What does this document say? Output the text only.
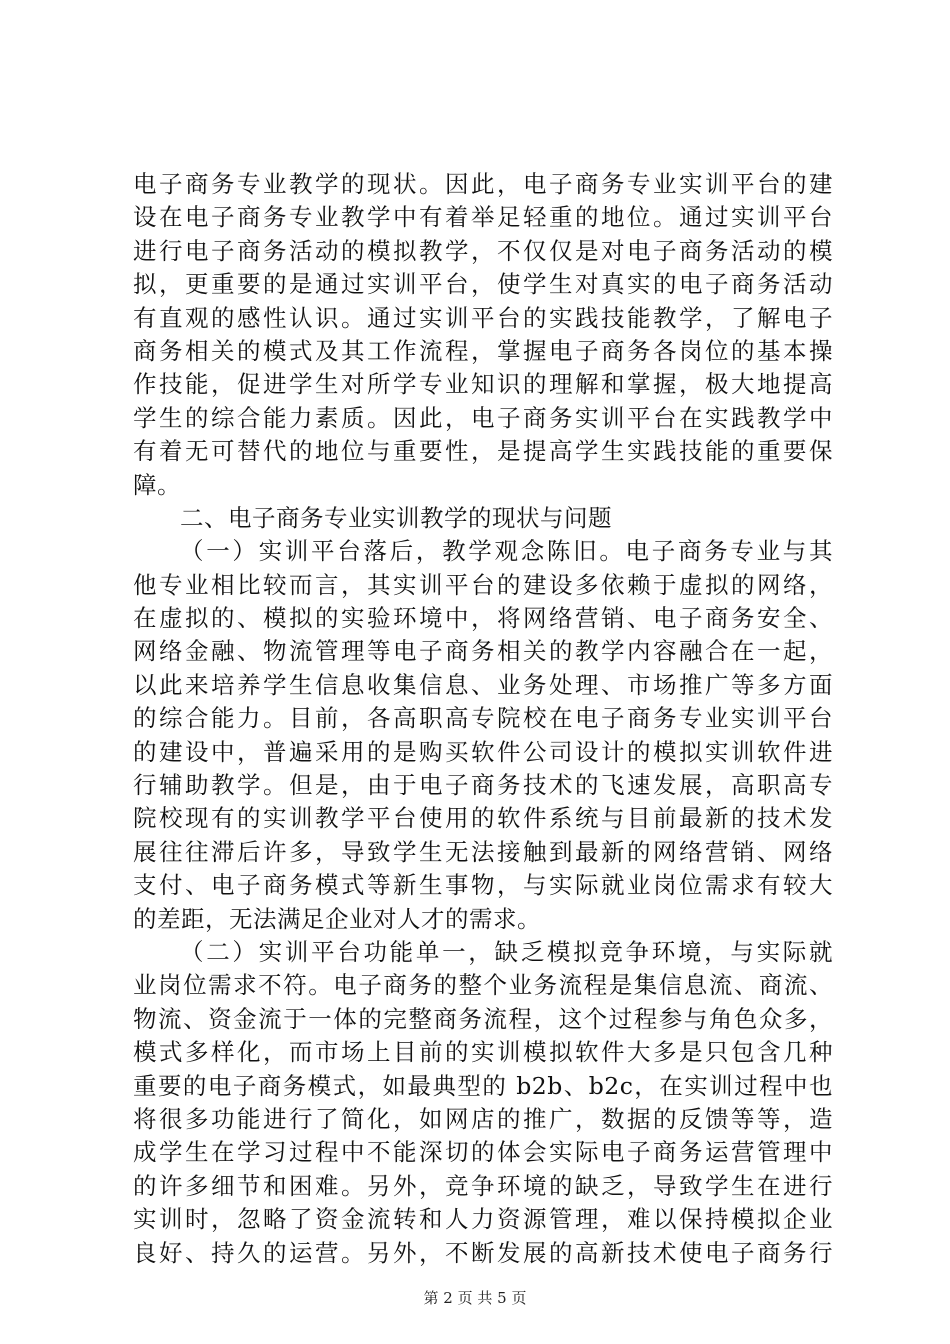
电子商务专业教学的现状。因此，电子商务专业实训平台的建
设在电子商务专业教学中有着举足轻重的地位。通过实训平台
进行电子商务活动的模拟教学，不仅仅是对电子商务活动的模
拟，更重要的是通过实训平台，使学生对真实的电子商务活动
有直观的感性认识。通过实训平台的实践技能教学，了解电子
商务相关的模式及其工作流程，掌握电子商务各岗位的基本操
作技能，促进学生对所学专业知识的理解和掌握，极大地提高
学生的综合能力素质。因此，电子商务实训平台在实践教学中
有着无可替代的地位与重要性，是提高学生实践技能的重要保
障。
二、电子商务专业实训教学的现状与问题
（一）实训平台落后，教学观念陈旧。电子商务专业与其
他专业相比较而言，其实训平台的建设多依赖于虚拟的网络，
在虚拟的、模拟的实验环境中，将网络营销、电子商务安全、
网络金融、物流管理等电子商务相关的教学内容融合在一起，
以此来培养学生信息收集信息、业务处理、市场推广等多方面
的综合能力。目前，各高职高专院校在电子商务专业实训平台
的建设中，普遍采用的是购买软件公司设计的模拟实训软件进
行辅助教学。但是，由于电子商务技术的飞速发展，高职高专
院校现有的实训教学平台使用的软件系统与目前最新的技术发
展往往滞后许多，导致学生无法接触到最新的网络营销、网络
支付、电子商务模式等新生事物，与实际就业岗位需求有较大
的差距，无法满足企业对人才的需求。
（二）实训平台功能单一，缺乏模拟竞争环境，与实际就
业岗位需求不符。电子商务的整个业务流程是集信息流、商流、
物流、资金流于一体的完整商务流程，这个过程参与角色众多，
模式多样化，而市场上目前的实训模拟软件大多是只包含几种
重要的电子商务模式，如最典型的 b2b、b2c，在实训过程中也
将很多功能进行了简化，如网店的推广，数据的反馈等等，造
成学生在学习过程中不能深切的体会实际电子商务运营管理中
的许多细节和困难。另外，竞争环境的缺乏，导致学生在进行
实训时，忽略了资金流转和人力资源管理，难以保持模拟企业
良好、持久的运营。另外，不断发展的高新技术使电子商务行
第 2 页 共 5 页
